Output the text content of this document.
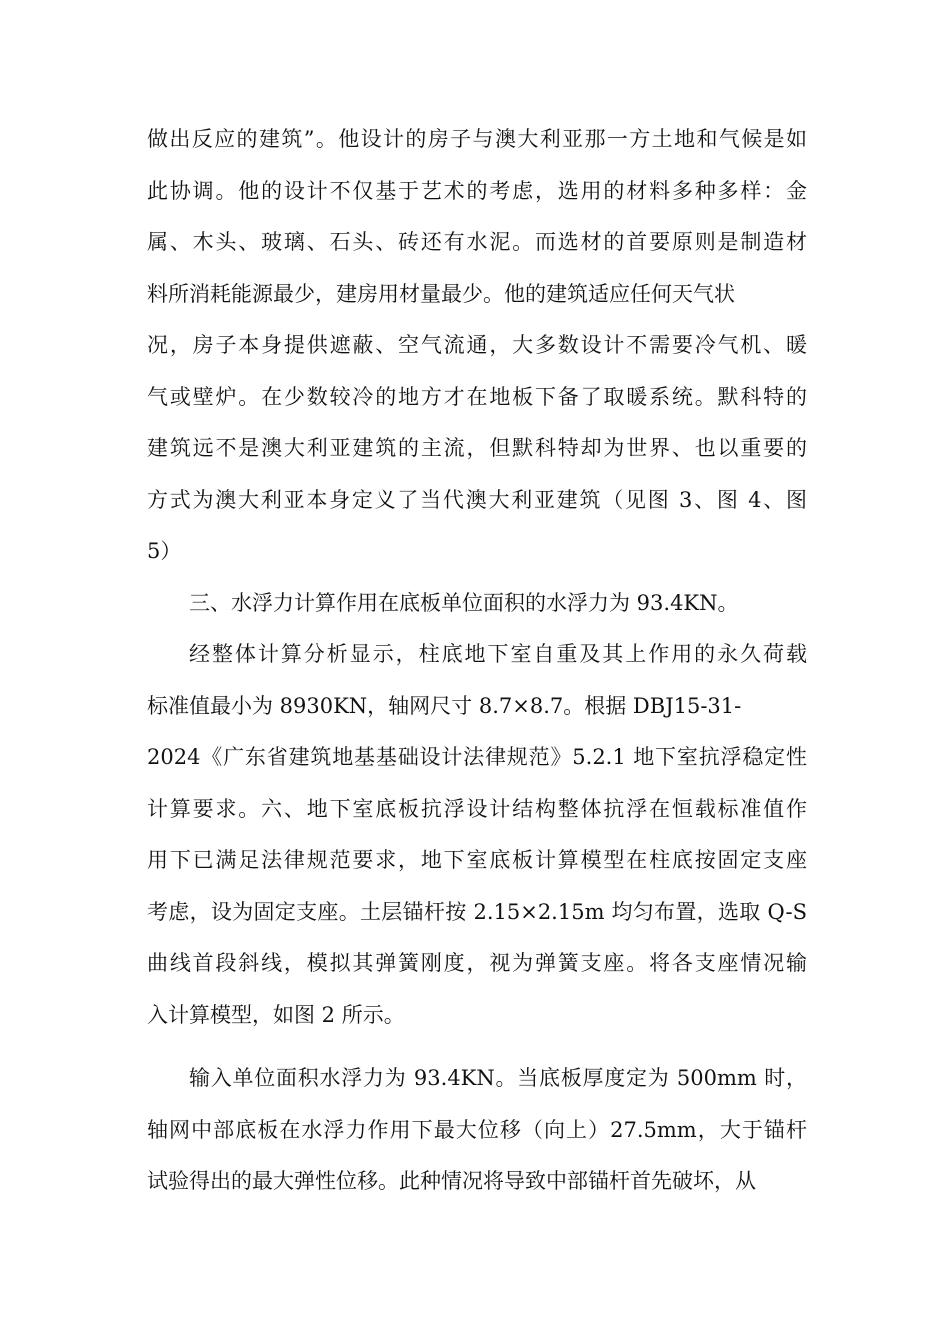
做出反应的建筑”。他设计的房子与澳大利亚那一方土地和气候是如
此协调。他的设计不仅基于艺术的考虑，选用的材料多种多样：金
属、木头、玻璃、石头、砖还有水泥。而选材的首要原则是制造材
料所消耗能源最少，建房用材量最少。他的建筑适应任何天气状
况，房子本身提供遮蔽、空气流通，大多数设计不需要冷气机、暖
气或壁炉。在少数较冷的地方才在地板下备了取暖系统。默科特的
建筑远不是澳大利亚建筑的主流，但默科特却为世界、也以重要的
方式为澳大利亚本身定义了当代澳大利亚建筑（见图 3、图 4、图
5）
三、水浮力计算作用在底板单位面积的水浮力为 93.4KN。
经整体计算分析显示，柱底地下室自重及其上作用的永久荷载
标准值最小为 8930KN，轴网尺寸 8.7×8.7。根据 DBJ15-31-
2024《广东省建筑地基基础设计法律规范》5.2.1 地下室抗浮稳定性
计算要求。六、地下室底板抗浮设计结构整体抗浮在恒载标准值作
用下已满足法律规范要求，地下室底板计算模型在柱底按固定支座
考虑，设为固定支座。土层锚杆按 2.15×2.15m 均匀布置，选取 Q-S
曲线首段斜线，模拟其弹簧刚度，视为弹簧支座。将各支座情况输
入计算模型，如图 2 所示。
输入单位面积水浮力为 93.4KN。当底板厚度定为 500mm 时，
轴网中部底板在水浮力作用下最大位移（向上）27.5mm，大于锚杆
试验得出的最大弹性位移。此种情况将导致中部锚杆首先破坏，从
